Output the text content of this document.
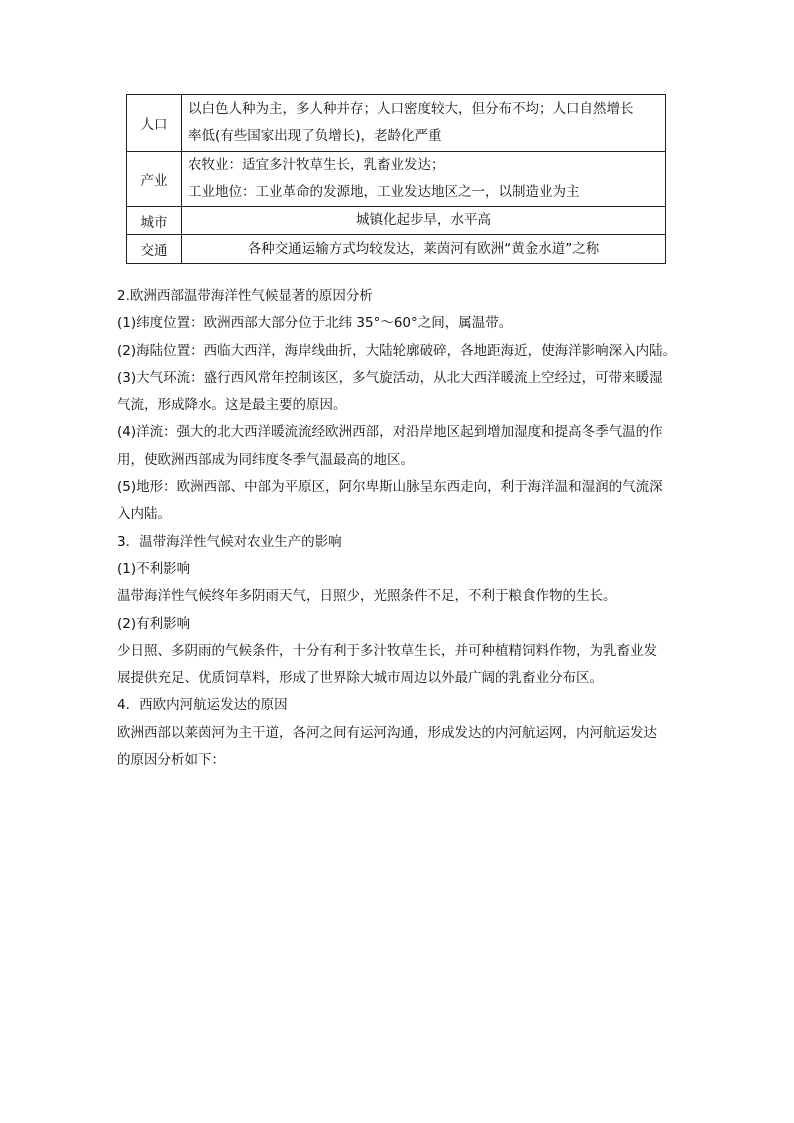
人口	以白色人种为主，多人种并存；人口密度较大，但分布不均；人口自然增长
率低(有些国家出现了负增长)，老龄化严重

产业	农牧业：适宜多汁牧草生长，乳畜业发达；
工业地位：工业革命的发源地，工业发达地区之一，以制造业为主

城市	城镇化起步早，水平高

交通	各种交通运输方式均较发达，莱茵河有欧洲“黄金水道”之称

2.欧洲西部温带海洋性气候显著的原因分析

(1)纬度位置：欧洲西部大部分位于北纬 35°～60°之间，属温带。

(2)海陆位置：西临大西洋，海岸线曲折，大陆轮廓破碎，各地距海近，使海洋影响深入内陆。

(3)大气环流：盛行西风常年控制该区，多气旋活动，从北大西洋暖流上空经过，可带来暖湿

气流，形成降水。这是最主要的原因。

(4)洋流：强大的北大西洋暖流流经欧洲西部，对沿岸地区起到增加湿度和提高冬季气温的作

用，使欧洲西部成为同纬度冬季气温最高的地区。

(5)地形：欧洲西部、中部为平原区，阿尔卑斯山脉呈东西走向，利于海洋温和湿润的气流深

入内陆。

3．温带海洋性气候对农业生产的影响

(1)不利影响

温带海洋性气候终年多阴雨天气，日照少，光照条件不足，不利于粮食作物的生长。

(2)有利影响

少日照、多阴雨的气候条件，十分有利于多汁牧草生长，并可种植精饲料作物，为乳畜业发

展提供充足、优质饲草料，形成了世界除大城市周边以外最广阔的乳畜业分布区。

4．西欧内河航运发达的原因

欧洲西部以莱茵河为主干道，各河之间有运河沟通，形成发达的内河航运网，内河航运发达

的原因分析如下：
